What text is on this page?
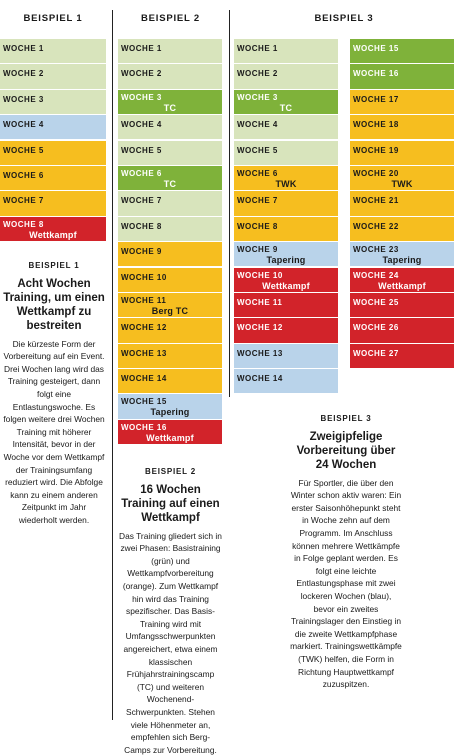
BEISPIEL 1	BEISPIEL 2	BEISPIEL 3
WOCHE 1
WOCHE 2
WOCHE 3
WOCHE 4
WOCHE 5
WOCHE 6
WOCHE 7
WOCHE 8
Wettkampf
WOCHE 1
WOCHE 2
WOCHE 3
TC
WOCHE 4
WOCHE 5
WOCHE 6
TC
WOCHE 7
WOCHE 8
WOCHE 9
WOCHE 10
WOCHE 11
Berg TC
WOCHE 12
WOCHE 13
WOCHE 14
WOCHE 15
Tapering
WOCHE 16
Wettkampf
WOCHE 1
WOCHE 2
WOCHE 3
TC
WOCHE 4
WOCHE 5
WOCHE 6
TWK
WOCHE 7
WOCHE 8
WOCHE 9
Tapering
WOCHE 10
Wettkampf
WOCHE 11
WOCHE 12
WOCHE 13
WOCHE 14
WOCHE 15
WOCHE 16
WOCHE 17
WOCHE 18
WOCHE 19
WOCHE 20
TWK
WOCHE 21
WOCHE 22
WOCHE 23
Tapering
WOCHE 24
Wettkampf
WOCHE 25
WOCHE 26
WOCHE 27
BEISPIEL 1
Acht Wochen Training, um einen Wettkampf zu bestreiten
Die kürzeste Form der Vorbereitung auf ein Event. Drei Wochen lang wird das Training gesteigert, dann folgt eine Entlastungswoche. Es folgen weitere drei Wochen Training mit höherer Intensität, bevor in der Woche vor dem Wettkampf der Trainingsumfang reduziert wird. Die Abfolge kann zu einem anderen Zeitpunkt im Jahr wiederholt werden.
BEISPIEL 2
16 Wochen Training auf einen Wettkampf
Das Training gliedert sich in zwei Phasen: Basistraining (grün) und Wettkampfvorbereitung (orange). Zum Wettkampf hin wird das Training spezifischer. Das Basis-Training wird mit Umfangsschwerpunkten angereichert, etwa einem klassischen Frühjahrstrainingscamp (TC) und weiteren Wochenend-Schwerpunkten. Stehen viele Höhenmeter an, empfehlen sich Berg-Camps zur Vorbereitung.
BEISPIEL 3
Zweigipfelige Vorbereitung über 24 Wochen
Für Sportler, die über den Winter schon aktiv waren: Ein erster Saisonhöhepunkt steht in Woche zehn auf dem Programm. Im Anschluss können mehrere Wettkämpfe in Folge geplant werden. Es folgt eine leichte Entlastungsphase mit zwei lockeren Wochen (blau), bevor ein zweites Trainingslager den Einstieg in die zweite Wettkampfphase markiert. Trainingswettkämpfe (TWK) helfen, die Form in Richtung Hauptwettkampf zuzuspitzen.
